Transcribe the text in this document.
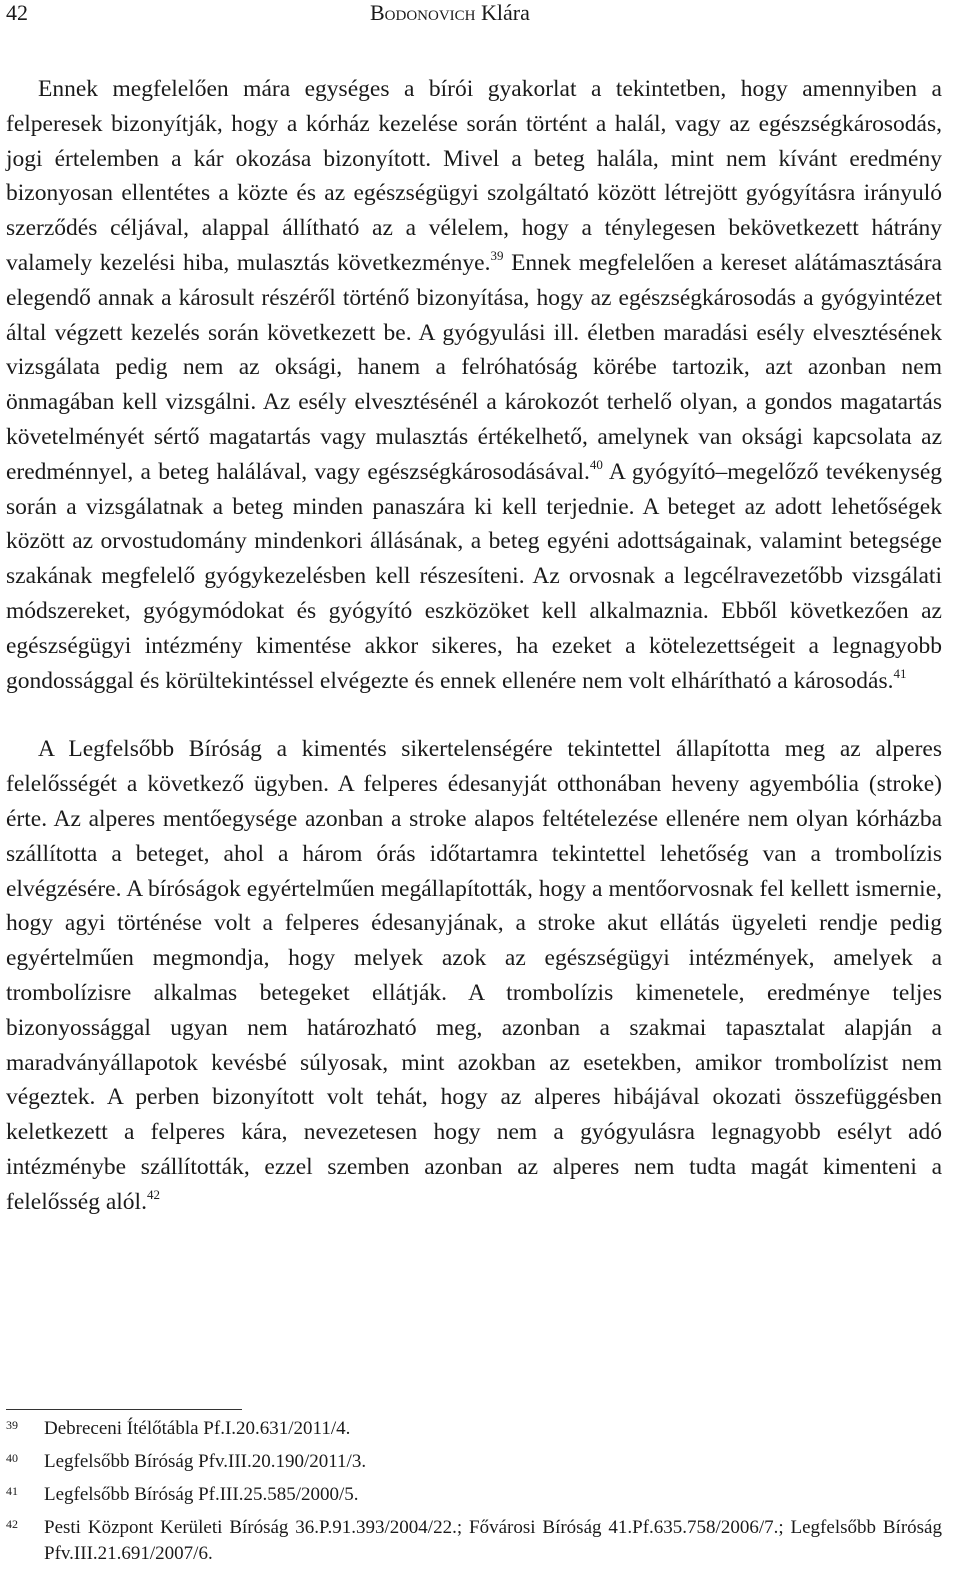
42	Bodonovich Klára

Ennek megfelelően mára egységes a bírói gyakorlat a tekintetben, hogy amennyiben a felperesek bizonyítják, hogy a kórház kezelése során történt a halál, vagy az egészségkárosodás, jogi értelemben a kár okozása bizonyított. Mivel a beteg halála, mint nem kívánt eredmény bizonyosan ellentétes a közte és az egészségügyi szolgáltató között létrejött gyógyításra irányuló szerződés céljával, alappal állítható az a vélelem, hogy a ténylegesen bekövetkezett hátrány valamely kezelési hiba, mulasztás következménye.$^{39}$ Ennek megfelelően a kereset alátámasztására elegendő annak a károsult részéről történő bizonyítása, hogy az egészségkárosodás a gyógyintézet által végzett kezelés során következett be. A gyógyulási ill. életben maradási esély elvesztésének vizsgálata pedig nem az oksági, hanem a felróhatóság körébe tartozik, azt azonban nem önmagában kell vizsgálni. Az esély elvesztésénél a károkozót terhelő olyan, a gondos magatartás követelményét sértő magatartás vagy mulasztás értékelhető, amelynek van oksági kapcsolata az eredménnyel, a beteg halálával, vagy egészségkárosodásával.$^{40}$ A gyógyító–megelőző tevékenység során a vizsgálatnak a beteg minden panaszára ki kell terjednie. A beteget az adott lehetőségek között az orvostudomány mindenkori állásának, a beteg egyéni adottságainak, valamint betegsége szakának megfelelő gyógykezelésben kell részesíteni. Az orvosnak a legcélravezetőbb vizsgálati módszereket, gyógymódokat és gyógyító eszközöket kell alkalmaznia. Ebből következően az egészségügyi intézmény kimentése akkor sikeres, ha ezeket a kötelezettségeit a legnagyobb gondossággal és körültekintéssel elvégezte és ennek ellenére nem volt elhárítható a károsodás.$^{41}$

A Legfelsőbb Bíróság a kimentés sikertelenségére tekintettel állapította meg az alperes felelősségét a következő ügyben. A felperes édesanyját otthonában heveny agyembólia (stroke) érte. Az alperes mentőegysége azonban a stroke alapos feltételezése ellenére nem olyan kórházba szállította a beteget, ahol a három órás időtartamra tekintettel lehetőség van a trombolízis elvégzésére. A bíróságok egyértelműen megállapították, hogy a mentőorvosnak fel kellett ismernie, hogy agyi történése volt a felperes édesanyjának, a stroke akut ellátás ügyeleti rendje pedig egyértelműen megmondja, hogy melyek azok az egészségügyi intézmények, amelyek a trombolízisre alkalmas betegeket ellátják. A trombolízis kimenetele, eredménye teljes bizonyossággal ugyan nem határozható meg, azonban a szakmai tapasztalat alapján a maradványállapotok kevésbé súlyosak, mint azokban az esetekben, amikor trombolízist nem végeztek. A perben bizonyított volt tehát, hogy az alperes hibájával okozati összefüggésben keletkezett a felperes kára, nevezetesen hogy nem a gyógyulásra legnagyobb esélyt adó intézménybe szállították, ezzel szemben azonban az alperes nem tudta magát kimenteni a felelősség alól.$^{42}$

39 Debreceni Ítélőtábla Pf.I.20.631/2011/4.
40 Legfelsőbb Bíróság Pfv.III.20.190/2011/3.
41 Legfelsőbb Bíróság Pf.III.25.585/2000/5.
42 Pesti Központ Kerületi Bíróság 36.P.91.393/2004/22.; Fővárosi Bíróság 41.Pf.635.758/2006/7.; Legfelsőbb Bíróság Pfv.III.21.691/2007/6.
